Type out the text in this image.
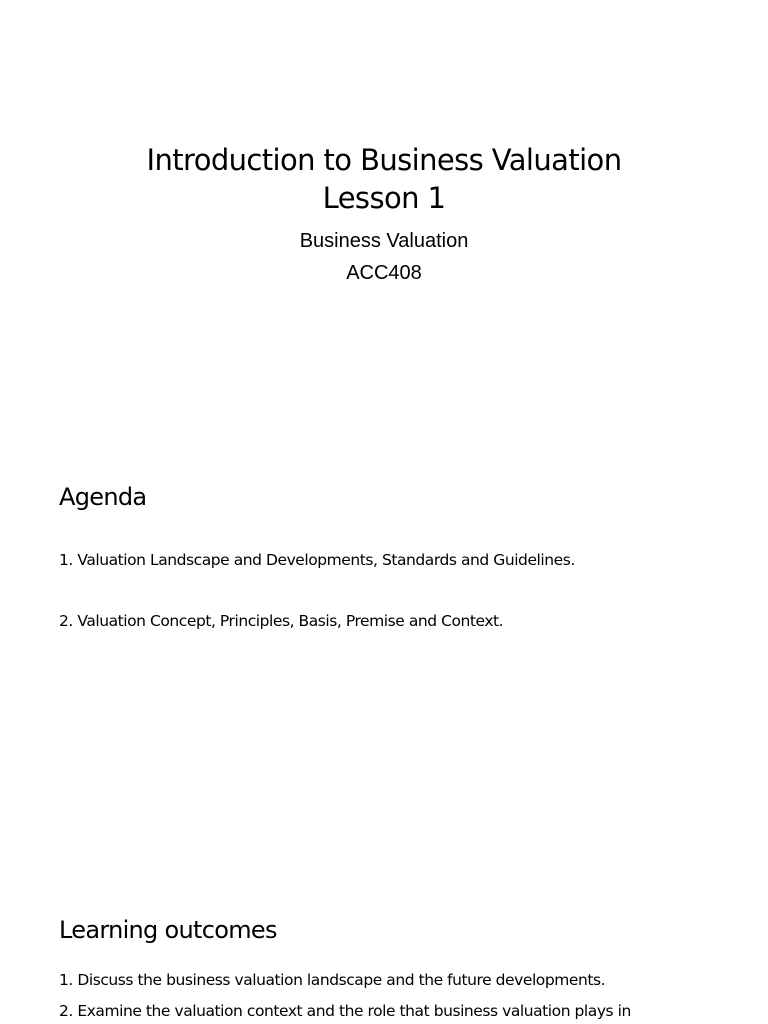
Introduction to Business Valuation
Lesson 1
Business Valuation
ACC408
Agenda
1. Valuation Landscape and Developments, Standards and Guidelines.
2. Valuation Concept, Principles, Basis, Premise and Context.
Learning outcomes
1. Discuss the business valuation landscape and the future developments.
2. Examine the valuation context and the role that business valuation plays in
